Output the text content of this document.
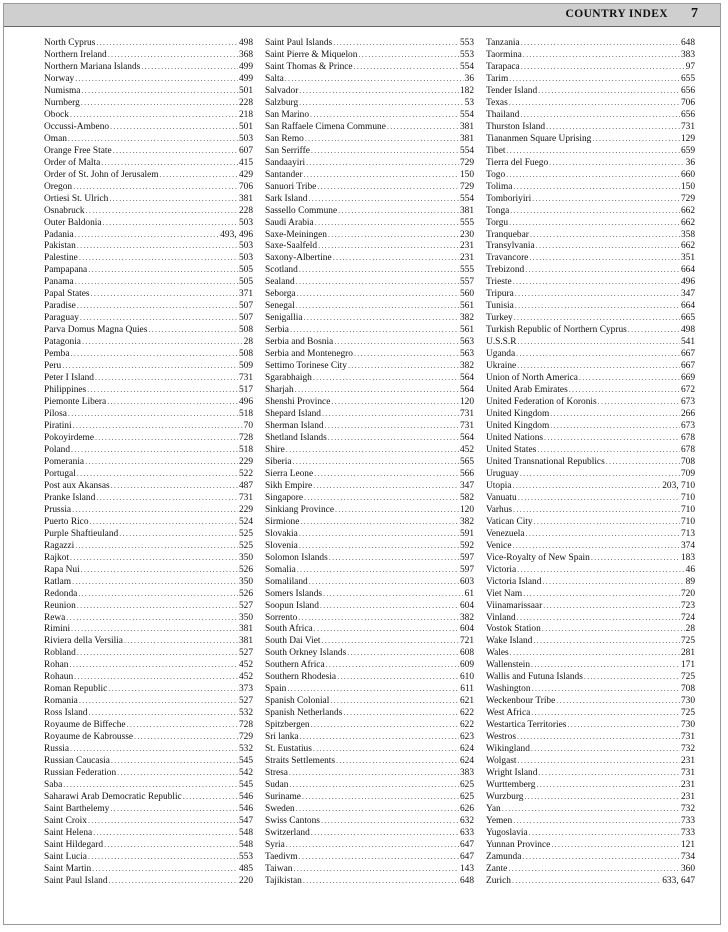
COUNTRY INDEX 7
North Cyprus .....	498
Northern Ireland .....	368
Northern Mariana Islands .....	499
Norway .....	499
Numisma .....	501
Nurnberg .....	228
Obock .....	218
Occussi-Ambeno .....	501
Oman .....	503
Orange Free State .....	607
Order of Malta .....	415
Order of St. John of Jerusalem .....	429
Oregon .....	706
Ortiesi St. Ulrich .....	381
Osnabruck .....	228
Outer Baldonia .....	503
Padania .....	493, 496
Pakistan .....	503
Palestine .....	503
Pampapana .....	505
Panama .....	505
Papal States .....	371
Paradise .....	507
Paraguay .....	507
Parva Domus Magna Quies .....	508
Patagonia .....	28
Pemba .....	508
Peru .....	509
Peter I Island .....	731
Philippines .....	517
Piemonte Libera .....	496
Pilosa .....	518
Piratini .....	70
Pokoyirdeme .....	728
Poland .....	518
Pomerania .....	229
Portugal .....	522
Post aux Akansas .....	487
Pranke Island .....	731
Prussia .....	229
Puerto Rico .....	524
Purple Shaftieuland .....	525
Ragazzi .....	525
Rajkot .....	350
Rapa Nui .....	526
Ratlam .....	350
Redonda .....	526
Reunion .....	527
Rewa .....	350
Rimini .....	381
Riviera della Versilia .....	381
Robland .....	527
Rohan .....	452
Rohaun .....	452
Roman Republic .....	373
Romania .....	527
Ross Island .....	532
Royaume de Biffeche .....	728
Royaume de Kabrousse .....	729
Russia .....	532
Russian Caucasia .....	545
Russian Federation .....	542
Saba .....	545
Saharawi Arab Democratic Republic .....	546
Saint Barthelemy .....	546
Saint Croix .....	547
Saint Helena .....	548
Saint Hildegard .....	548
Saint Lucia .....	553
Saint Martin .....	485
Saint Paul Island .....	220
Saint Paul Islands .....	553
Saint Pierre & Miquelon .....	553
Saint Thomas & Prince .....	554
Salta .....	36
Salvador .....	182
Salzburg .....	53
San Marino .....	554
San Raffaele Cimena Commune .....	381
San Remo .....	381
San Serriffe .....	554
Sandaayiri .....	729
Santander .....	150
Sanuori Tribe .....	729
Sark Island .....	554
Sassello Commune .....	381
Saudi Arabia .....	555
Saxe-Meiningen .....	230
Saxe-Saalfeld .....	231
Saxony-Albertine .....	231
Scotland .....	555
Sealand .....	557
Seborga .....	560
Senegal .....	561
Senigallia .....	382
Serbia .....	561
Serbia and Bosnia .....	563
Serbia and Montenegro .....	563
Settimo Torinese City .....	382
Sgarabhaigh .....	564
Sharjah .....	564
Shenshi Province .....	120
Shepard Island .....	731
Sherman Island .....	731
Shetland Islands .....	564
Shire .....	452
Siberia .....	565
Sierra Leone .....	566
Sikh Empire .....	347
Singapore .....	582
Sinkiang Province .....	120
Sirmione .....	382
Slovakia .....	591
Slovenia .....	592
Solomon Islands .....	597
Somalia .....	597
Somaliland .....	603
Somers Islands .....	61
Soopun Island .....	604
Sorrento .....	382
South Africa .....	604
South Dai Viet .....	721
South Orkney Islands .....	608
Southern Africa .....	609
Southern Rhodesia .....	610
Spain .....	611
Spanish Colonial .....	621
Spanish Netherlands .....	622
Spitzbergen .....	622
Sri lanka .....	623
St. Eustatius .....	624
Straits Settlements .....	624
Stresa .....	383
Sudan .....	625
Suriname .....	625
Sweden .....	626
Swiss Cantons .....	632
Switzerland .....	633
Syria .....	647
Taedivm .....	647
Taiwan .....	143
Tajikistan .....	648
Tanzania .....	648
Taormina .....	383
Tarapaca .....	97
Tarim .....	655
Tender Island .....	656
Texas .....	706
Thailand .....	656
Thurston Island .....	731
Tiananmen Square Uprising .....	129
Tibet .....	659
Tierra del Fuego .....	36
Togo .....	660
Tolima .....	150
Tomboriyiri .....	729
Tonga .....	662
Torgu .....	662
Tranquebar .....	358
Transylvania .....	662
Travancore .....	351
Trebizond .....	664
Trieste .....	496
Tripura .....	347
Tunisia .....	664
Turkey .....	665
Turkish Republic of Northern Cyprus .....	498
U.S.S.R .....	541
Uganda .....	667
Ukraine .....	667
Union of North America .....	669
United Arab Emirates .....	672
United Federation of Koronis .....	673
United Kingdom .....	266
United Kingdom .....	673
United Nations .....	678
United States .....	678
United Transnational Republics .....	708
Uruguay .....	709
Utopia .....	203, 710
Vanuatu .....	710
Varhus .....	710
Vatican City .....	710
Venezuela .....	713
Venice .....	374
Vice-Royalty of New Spain .....	183
Victoria .....	46
Victoria Island .....	89
Viet Nam .....	720
Viinamarissaar .....	723
Vinland .....	724
Vostok Station .....	28
Wake Island .....	725
Wales .....	281
Wallenstein .....	171
Wallis and Futuna Islands .....	725
Washington .....	708
Weckenbour Tribe .....	730
West Africa .....	725
Westartica Territories .....	730
Westros .....	731
Wikingland .....	732
Wolgast .....	231
Wright Island .....	731
Wurttemberg .....	231
Wurzburg .....	231
Yan .....	732
Yemen .....	733
Yugoslavia .....	733
Yunnan Province .....	121
Zamunda .....	734
Zante .....	360
Zurich .....	633, 647
